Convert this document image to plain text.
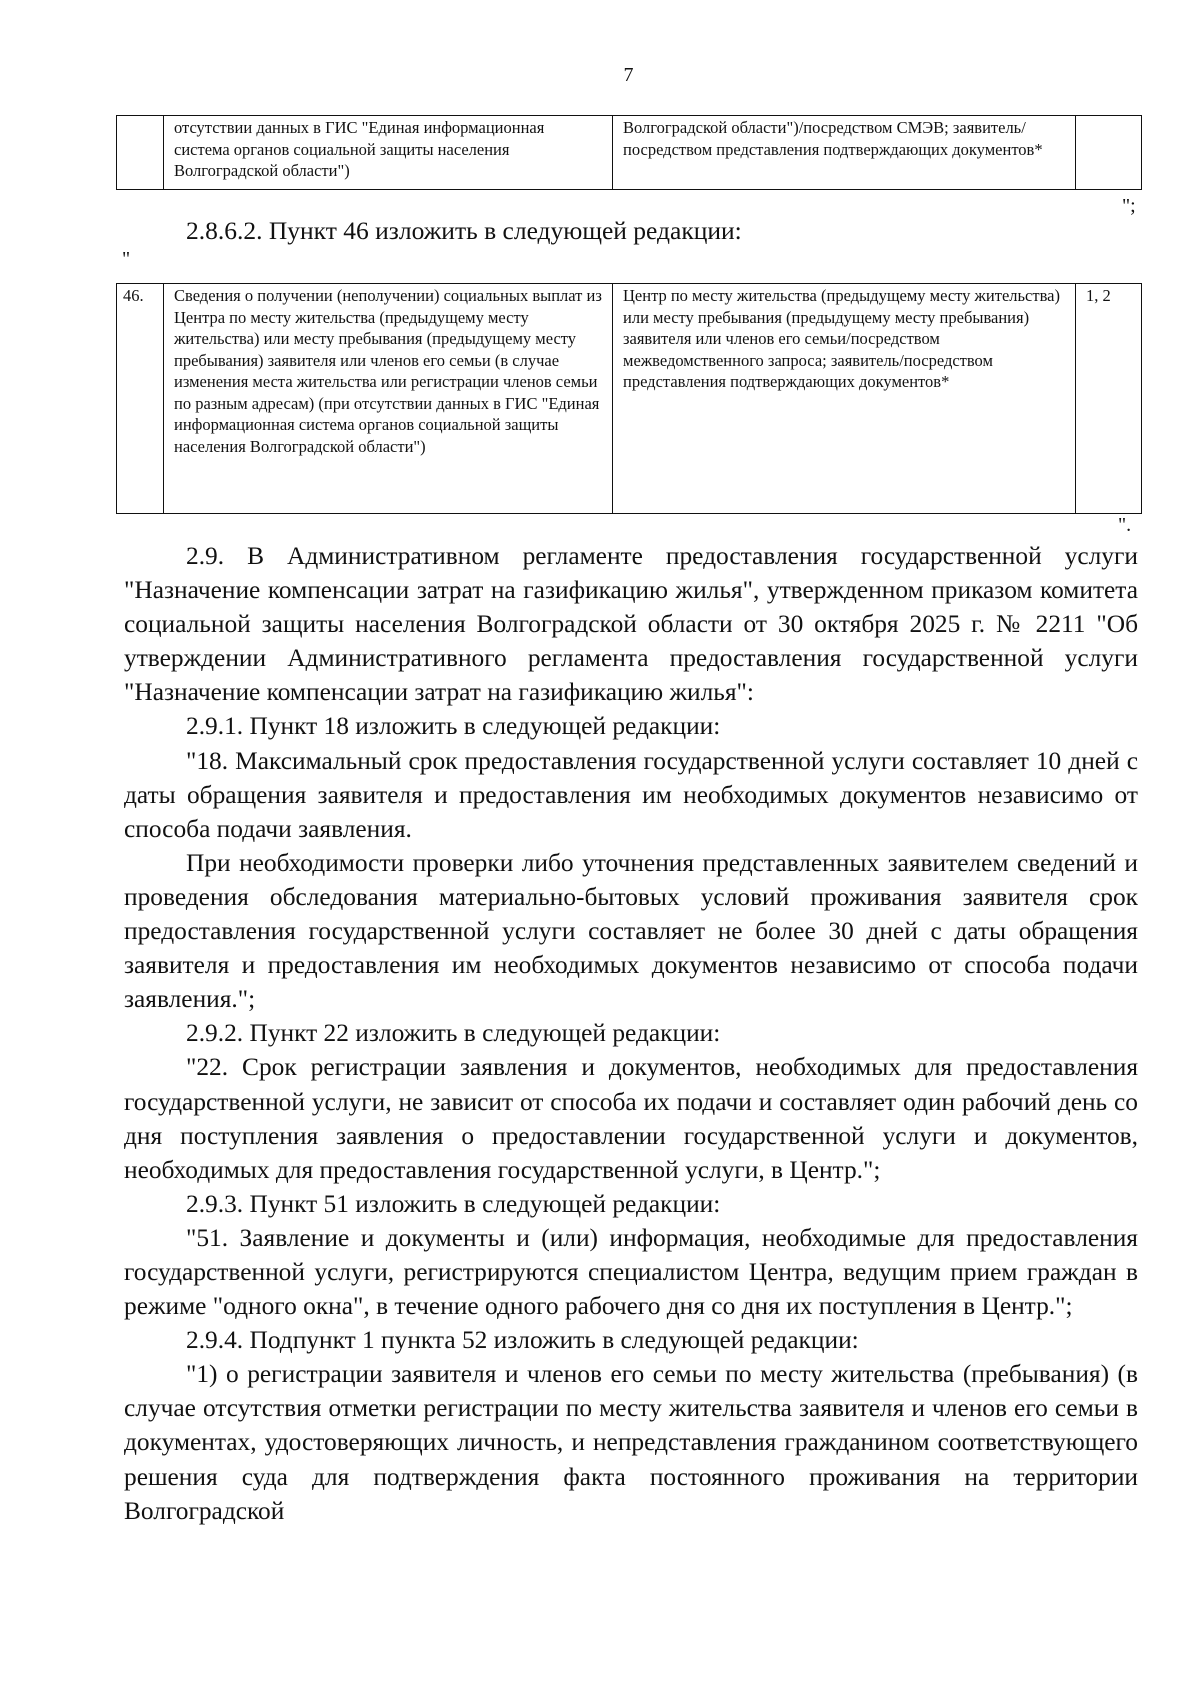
7
	отсутствии данных в ГИС "Единая информационная система органов социальной защиты населения Волгоградской области")	Волгоградской области")/посредством СМЭВ; заявитель/посредством представления подтверждающих документов*	
";
2.8.6.2. Пункт 46 изложить в следующей редакции:
"
46.	Сведения о получении (неполучении) социальных выплат из Центра по месту жительства (предыдущему месту жительства) или месту пребывания (предыдущему месту пребывания) заявителя или членов его семьи (в случае изменения места жительства или регистрации членов семьи по разным адресам) (при отсутствии данных в ГИС "Единая информационная система органов социальной защиты населения Волгоградской области")	Центр по месту жительства (предыдущему месту жительства) или месту пребывания (предыдущему месту пребывания) заявителя или членов его семьи/посредством межведомственного запроса; заявитель/посредством представления подтверждающих документов*	1, 2
".

2.9. В Административном регламенте предоставления государственной услуги "Назначение компенсации затрат на газификацию жилья", утвержденном приказом комитета социальной защиты населения Волгоградской области от 30 октября 2025 г. № 2211 "Об утверждении Административного регламента предоставления государственной услуги "Назначение компенсации затрат на газификацию жилья":

2.9.1. Пункт 18 изложить в следующей редакции:

"18. Максимальный срок предоставления государственной услуги составляет 10 дней с даты обращения заявителя и предоставления им необходимых документов независимо от способа подачи заявления.

При необходимости проверки либо уточнения представленных заявителем сведений и проведения обследования материально-бытовых условий проживания заявителя срок предоставления государственной услуги составляет не более 30 дней с даты обращения заявителя и предоставления им необходимых документов независимо от способа подачи заявления.";

2.9.2. Пункт 22 изложить в следующей редакции:

"22. Срок регистрации заявления и документов, необходимых для предоставления государственной услуги, не зависит от способа их подачи и составляет один рабочий день со дня поступления заявления о предоставлении государственной услуги и документов, необходимых для предоставления государственной услуги, в Центр.";

2.9.3. Пункт 51 изложить в следующей редакции:

"51. Заявление и документы и (или) информация, необходимые для предоставления государственной услуги, регистрируются специалистом Центра, ведущим прием граждан в режиме "одного окна", в течение одного рабочего дня со дня их поступления в Центр.";

2.9.4. Подпункт 1 пункта 52 изложить в следующей редакции:

"1) о регистрации заявителя и членов его семьи по месту жительства (пребывания) (в случае отсутствия отметки регистрации по месту жительства заявителя и членов его семьи в документах, удостоверяющих личность, и непредставления гражданином соответствующего решения суда для подтверждения факта постоянного проживания на территории Волгоградской
